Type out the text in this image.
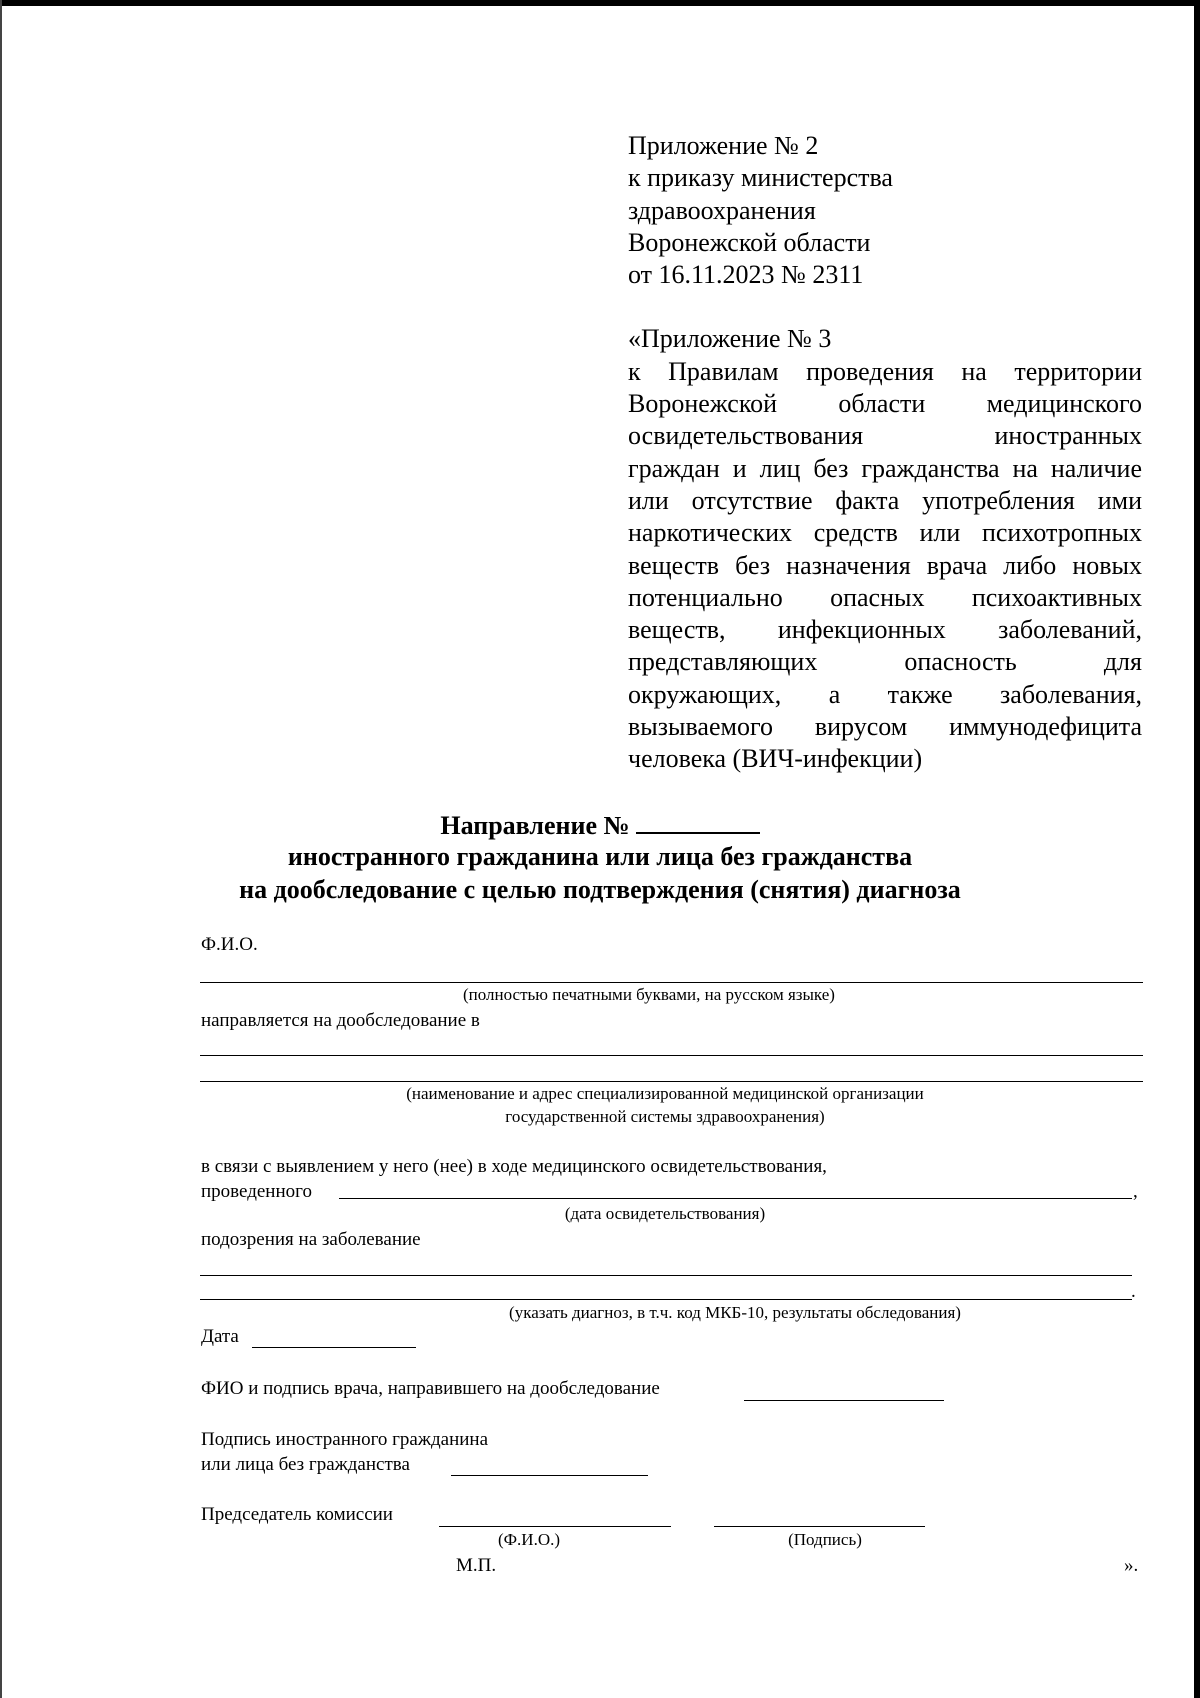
Приложение № 2
к приказу министерства
здравоохранения
Воронежской области
от 16.11.2023 № 2311
«Приложение № 3
к Правилам проведения на территории
Воронежской области медицинского
освидетельствования иностранных
граждан и лиц без гражданства на наличие
или отсутствие факта употребления ими
наркотических средств или психотропных
веществ без назначения врача либо новых
потенциально опасных психоактивных
веществ, инфекционных заболеваний,
представляющих опасность для
окружающих, а также заболевания,
вызываемого вирусом иммунодефицита
человека (ВИЧ-инфекции)
Направление №
иностранного гражданина или лица без гражданства
на дообследование с целью подтверждения (снятия) диагноза
Ф.И.О.
(полностью печатными буквами, на русском языке)
направляется на дообследование в
(наименование и адрес специализированной медицинской организации
государственной системы здравоохранения)
в связи с выявлением у него (нее) в ходе медицинского освидетельствования,
проведенного	,
(дата освидетельствования)
подозрения на заболевание
.
(указать диагноз, в т.ч. код МКБ-10, результаты обследования)
Дата
ФИО и подпись врача, направившего на дообследование
Подпись иностранного гражданина
или лица без гражданства
Председатель комиссии
(Ф.И.О.)	(Подпись)
М.П.	».
